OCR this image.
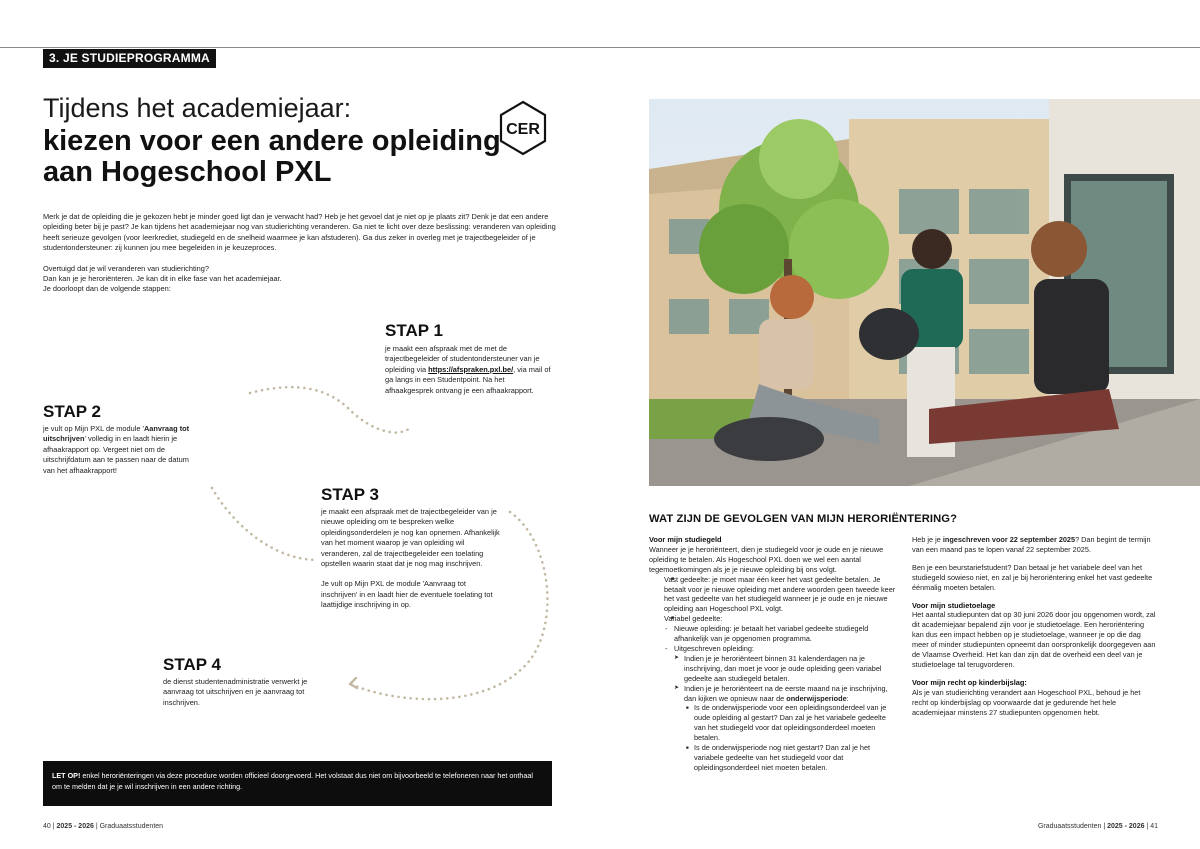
3. JE STUDIEPROGRAMMA
Tijdens het academiejaar:
kiezen voor een andere opleiding aan Hogeschool PXL
CER

Merk je dat de opleiding die je gekozen hebt je minder goed ligt dan je verwacht had? Heb je het gevoel dat je niet op je plaats zit? Denk je dat een andere opleiding beter bij je past? Je kan tijdens het academiejaar nog van studierichting veranderen. Ga niet te licht over deze beslissing: veranderen van opleiding heeft serieuze gevolgen (voor leerkrediet, studiegeld en de snelheid waarmee je kan afstuderen). Ga dus zeker in overleg met je trajectbegeleider of je studentondersteuner: zij kunnen jou mee begeleiden in je keuzeproces.

Overtuigd dat je wil veranderen van studierichting?
Dan kan je je heroriënteren. Je kan dit in elke fase van het academiejaar.
Je doorloopt dan de volgende stappen:

STAP 1
je maakt een afspraak met de met de trajectbegeleider of studentondersteuner van je opleiding via https://afspraken.pxl.be/, via mail of ga langs in een Studentpoint. Na het afhaakgesprek ontvang je een afhaakrapport.
STAP 2
je vult op Mijn PXL de module 'Aanvraag tot uitschrijven' volledig in en laadt hierin je afhaakrapport op. Vergeet niet om de uitschrijfdatum aan te passen naar de datum van het afhaakrapport!
STAP 3

je maakt een afspraak met de trajectbegeleider van je nieuwe opleiding om te bespreken welke opleidingsonderdelen je nog kan opnemen. Afhankelijk van het moment waarop je van opleiding wil veranderen, zal de trajectbegeleider een toelating opstellen waarin staat dat je nog mag inschrijven.

Je vult op Mijn PXL de module 'Aanvraag tot inschrijven' in en laadt hier de eventuele toelating tot laattijdige inschrijving in op.

STAP 4
de dienst studentenadministratie verwerkt je aanvraag tot uitschrijven en je aanvraag tot inschrijven.
LET OP! enkel heroriënteringen via deze procedure worden officieel doorgevoerd. Het volstaat dus niet om bijvoorbeeld te telefoneren naar het onthaal om te melden dat je je wil inschrijven in een andere richting.
40 | 2025 - 2026 | Graduaatsstudenten	Graduaatsstudenten | 2025 - 2026 | 41
WAT ZIJN DE GEVOLGEN VAN MIJN HERORIËNTERING?
Voor mijn studiegeld

Wanneer je je heroriënteert, dien je studiegeld voor je oude en je nieuwe opleiding te betalen. Als Hogeschool PXL doen we wel een aantal tegemoetkomingen als je je nieuwe opleiding bij ons volgt.

■ Vast gedeelte: je moet maar één keer het vast gedeelte betalen. Je betaalt voor je nieuwe opleiding met andere woorden geen tweede keer het vast gedeelte van het studiegeld wanneer je je oude en je nieuwe opleiding aan Hogeschool PXL volgt.
■ Variabel gedeelte:
- Nieuwe opleiding: je betaalt het variabel gedeelte studiegeld afhankelijk van je opgenomen programma.
- Uitgeschreven opleiding:
➤ Indien je je heroriënteert binnen 31 kalenderdagen na je inschrijving, dan moet je voor je oude opleiding geen variabel gedeelte aan studiegeld betalen.
➤ Indien je je heroriënteert na de eerste maand na je inschrijving, dan kijken we opnieuw naar de onderwijsperiode:
■ Is de onderwijsperiode voor een opleidingsonderdeel van je oude opleiding al gestart? Dan zal je het variabele gedeelte van het studiegeld voor dat opleidingsonderdeel moeten betalen.
■ Is de onderwijsperiode nog niet gestart? Dan zal je het variabele gedeelte van het studiegeld voor dat opleidingsonderdeel niet moeten betalen.

Heb je je ingeschreven voor 22 september 2025? Dan begint de termijn van een maand pas te lopen vanaf 22 september 2025.

Ben je een beurstariefstudent? Dan betaal je het variabele deel van het studiegeld sowieso niet, en zal je bij heroriëntering enkel het vast gedeelte éénmalig moeten betalen.

Voor mijn studietoelage

Het aantal studiepunten dat op 30 juni 2026 door jou opgenomen wordt, zal dit academiejaar bepalend zijn voor je studietoelage. Een heroriëntering kan dus een impact hebben op je studietoelage, wanneer je op die dag meer of minder studiepunten opneemt dan oorspronkelijk doorgegeven aan de Vlaamse Overheid. Het kan dan zijn dat de overheid een deel van je studietoelage tal terugvorderen.

Voor mijn recht op kinderbijslag:

Als je van studierichting verandert aan Hogeschool PXL, behoud je het recht op kinderbijslag op voorwaarde dat je gedurende het hele academiejaar minstens 27 studiepunten opgenomen hebt.
